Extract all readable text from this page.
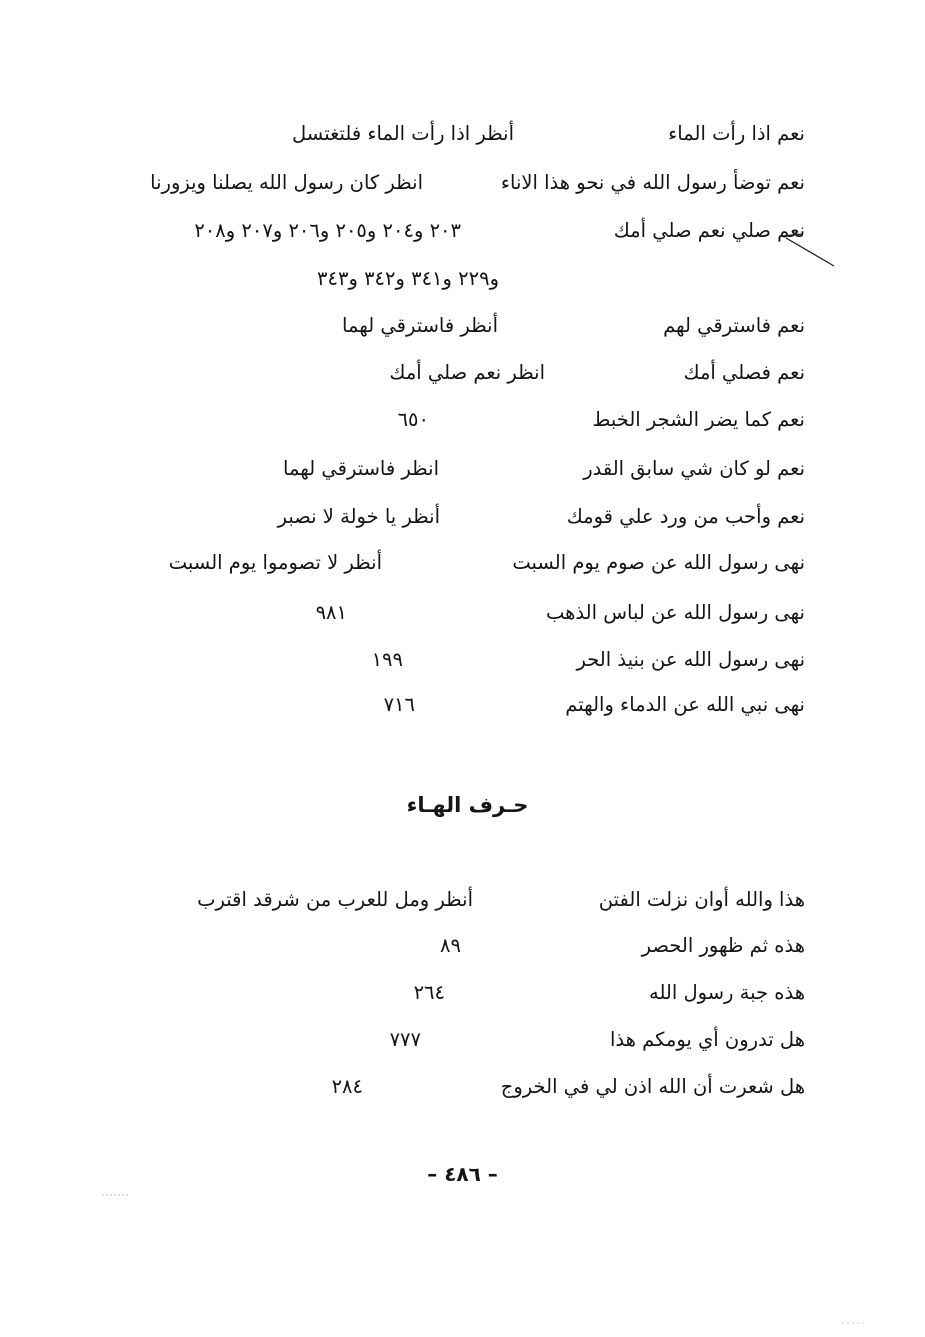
نعم اذا رأت الماء
أنظر اذا رأت الماء فلتغتسل
نعم توضأ رسول الله في نحو هذا الاناء
انظر كان رسول الله يصلنا ويزورنا
نعم صلي نعم صلي أمك
٢٠٣ و٢٠٤ و٢٠٥ و٢٠٦ و٢٠٧ و٢٠٨
و٢٢٩ و٣٤١ و٣٤٢ و٣٤٣
نعم فاسترقي لهم
أنظر فاسترقي لهما
نعم فصلي أمك
انظر نعم صلي أمك
نعم كما يضر الشجر الخبط
٦٥٠
نعم لو كان شي سابق القدر
انظر فاسترقي لهما
نعم وأحب من ورد علي قومك
أنظر يا خولة لا نصبر
نهى رسول الله عن صوم يوم السبت
أنظر لا تصوموا يوم السبت
نهى رسول الله عن لباس الذهب
٩٨١
نهى رسول الله عن بنيذ الحر
١٩٩
نهى نبي الله عن الدماء والهتم
٧١٦
حـرف الهـاء
هذا والله أوان نزلت الفتن
أنظر ومل للعرب من شرقد اقترب
هذه ثم ظهور الحصر
٨٩
هذه جبة رسول الله
٢٦٤
هل تدرون أي يومكم هذا
٧٧٧
هل شعرت أن الله اذن لي في الخروج
٢٨٤
– ٤٨٦ –
